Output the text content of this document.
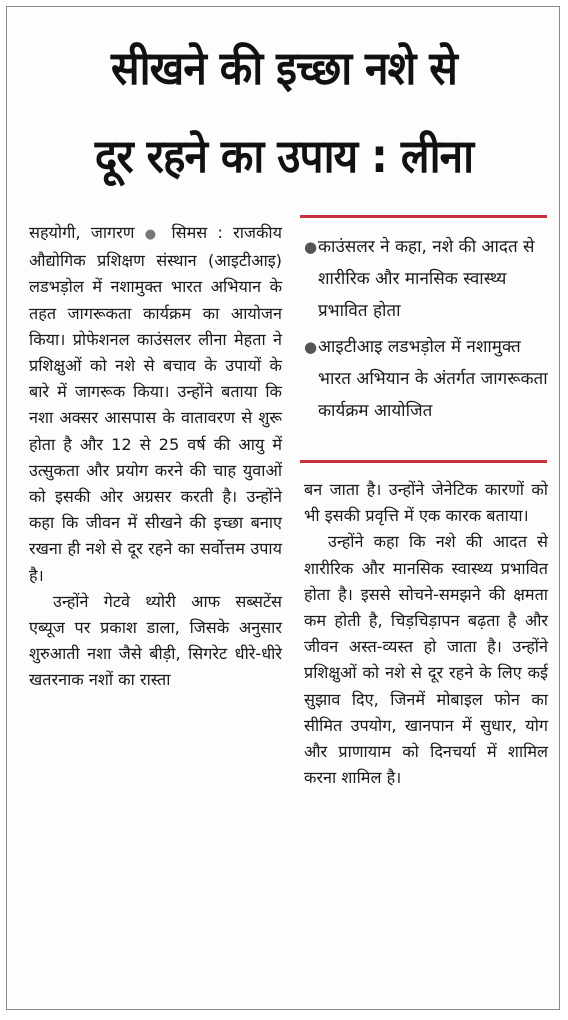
सीखने की इच्छा नशे से
दूर रहने का उपाय : लीना

सहयोगी, जागरण ● सिमस : राजकीय औद्योगिक प्रशिक्षण संस्थान (आइटीआइ) लडभड़ोल में नशामुक्त भारत अभियान के तहत जागरूकता कार्यक्रम का आयोजन किया। प्रोफेशनल काउंसलर लीना मेहता ने प्रशिक्षुओं को नशे से बचाव के उपायों के बारे में जागरूक किया। उन्होंने बताया कि नशा अक्सर आसपास के वातावरण से शुरू होता है और 12 से 25 वर्ष की आयु में उत्सुकता और प्रयोग करने की चाह युवाओं को इसकी ओर अग्रसर करती है। उन्होंने कहा कि जीवन में सीखने की इच्छा बनाए रखना ही नशे से दूर रहने का सर्वोत्तम उपाय है।

उन्होंने गेटवे थ्योरी आफ सब्सटेंस एब्यूज पर प्रकाश डाला, जिसके अनुसार शुरुआती नशा जैसे बीड़ी, सिगरेट धीरे-धीरे खतरनाक नशों का रास्ता

● काउंसलर ने कहा, नशे की आदत से शारीरिक और मानसिक स्वास्थ्य प्रभावित होता
● आइटीआइ लडभड़ोल में नशामुक्त भारत अभियान के अंतर्गत जागरूकता कार्यक्रम आयोजित

बन जाता है। उन्होंने जेनेटिक कारणों को भी इसकी प्रवृत्ति में एक कारक बताया।

उन्होंने कहा कि नशे की आदत से शारीरिक और मानसिक स्वास्थ्य प्रभावित होता है। इससे सोचने-समझने की क्षमता कम होती है, चिड़चिड़ापन बढ़ता है और जीवन अस्त-व्यस्त हो जाता है। उन्होंने प्रशिक्षुओं को नशे से दूर रहने के लिए कई सुझाव दिए, जिनमें मोबाइल फोन का सीमित उपयोग, खानपान में सुधार, योग और प्राणायाम को दिनचर्या में शामिल करना शामिल है।
